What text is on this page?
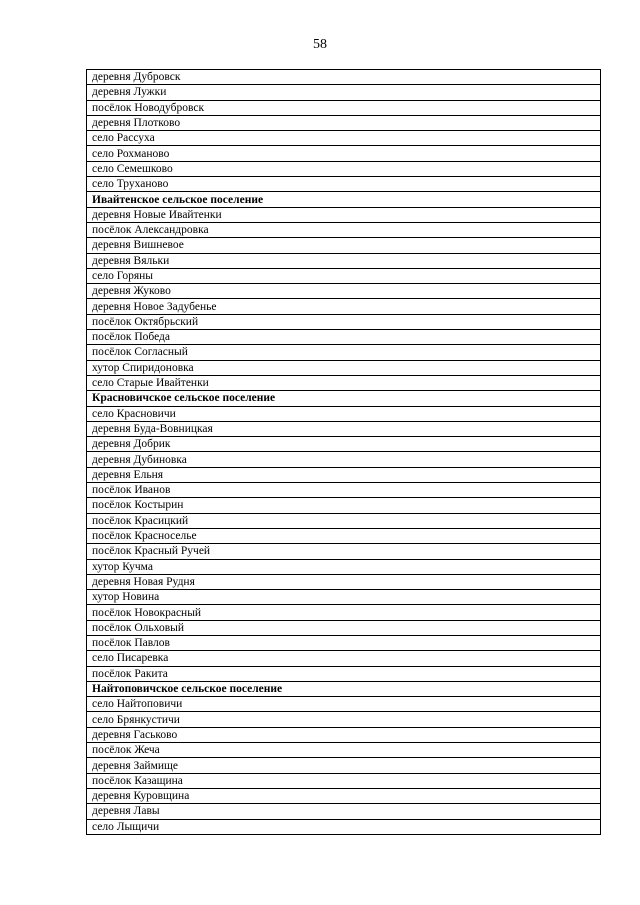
58
деревня Дубровск
деревня Лужки
посёлок Новодубровск
деревня Плотково
село Рассуха
село Рохманово
село Семешково
село Труханово
Ивайтенское сельское поселение
деревня Новые Ивайтенки
посёлок Александровка
деревня Вишневое
деревня Вяльки
село Горяны
деревня Жуково
деревня Новое Задубенье
посёлок Октябрьский
посёлок Победа
посёлок Согласный
хутор Спиридоновка
село Старые Ивайтенки
Красновичское сельское поселение
село Красновичи
деревня Буда-Вовницкая
деревня Добрик
деревня Дубиновка
деревня Ельня
посёлок Иванов
посёлок Костырин
посёлок Красицкий
посёлок Красноселье
посёлок Красный Ручей
хутор Кучма
деревня Новая Рудня
хутор Новина
посёлок Новокрасный
посёлок Ольховый
посёлок Павлов
село Писаревка
посёлок Ракита
Найтоповичское сельское поселение
село Найтоповичи
село Брянкустичи
деревня Гаськово
посёлок Жеча
деревня Займище
посёлок Казащина
деревня Куровщина
деревня Лавы
село Лыщичи
